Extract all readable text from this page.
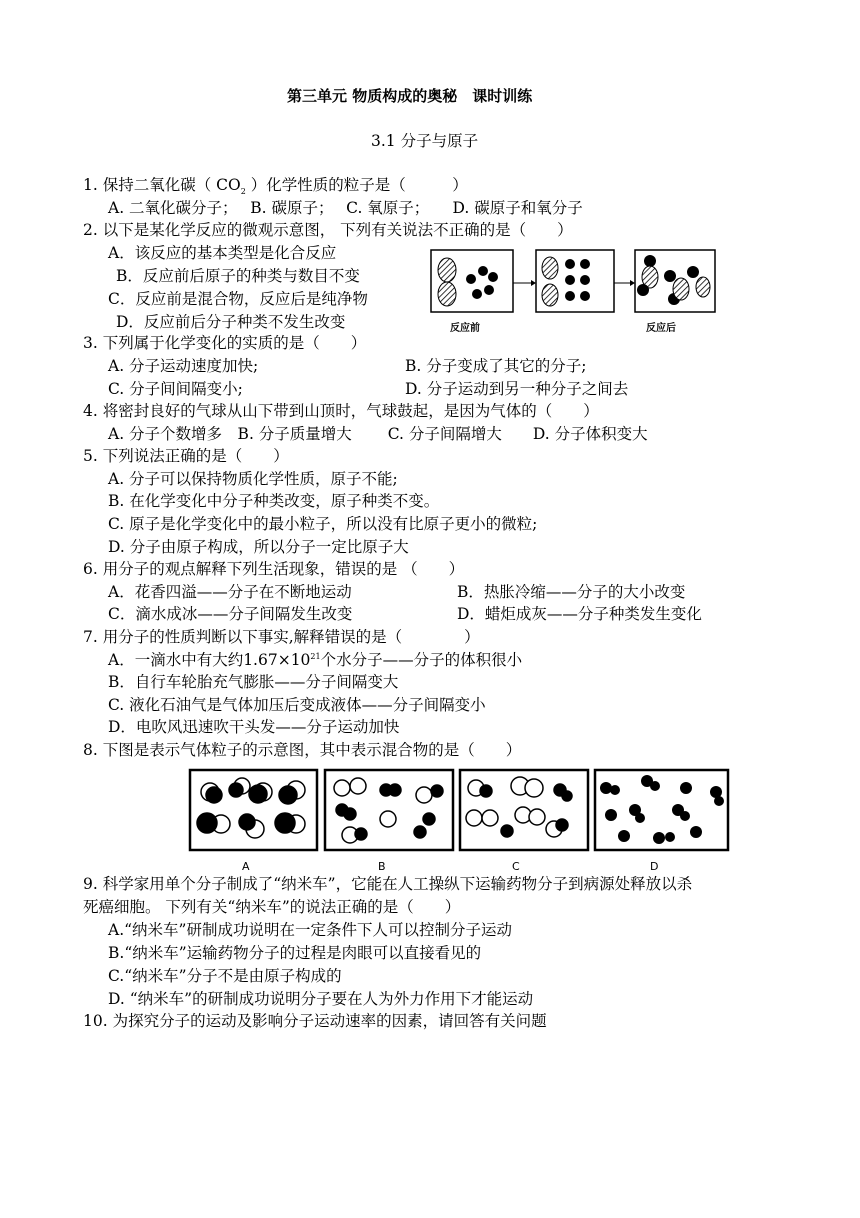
第三单元 物质构成的奥秘　课时训练
3.1 分子与原子
1. 保持二氧化碳（ $CO_2$ ）化学性质的粒子是（　　　）
A. 二氧化碳分子；　 B. 碳原子；　 C. 氧原子；　　D. 碳原子和氧分子
2. 以下是某化学反应的微观示意图， 下列有关说法不正确的是（　　）
A．该反应的基本类型是化合反应
B．反应前后原子的种类与数目不变
C．反应前是混合物，反应后是纯净物
D．反应前后分子种类不发生改变	反应前	反应后
3. 下列属于化学变化的实质的是（　　）
A. 分子运动速度加快;	B. 分子变成了其它的分子;
C. 分子间间隔变小;	D. 分子运动到另一种分子之间去
4. 将密封良好的气球从山下带到山顶时，气球鼓起，是因为气体的（　　）
A. 分子个数增多　B. 分子质量增大　　 C. 分子间隔增大　　D. 分子体积变大
5. 下列说法正确的是（　　）
A. 分子可以保持物质化学性质，原子不能;
B. 在化学变化中分子种类改变，原子种类不变。
C. 原子是化学变化中的最小粒子，所以没有比原子更小的微粒;
D. 分子由原子构成，所以分子一定比原子大
6. 用分子的观点解释下列生活现象，错误的是 （　　）
A．花香四溢——分子在不断地运动	B．热胀冷缩——分子的大小改变
C．滴水成冰——分子间隔发生改变	D．蜡炬成灰——分子种类发生变化
7. 用分子的性质判断以下事实,解释错误的是（　　　　）
A．一滴水中有大约$1.67\times 10^{21}$个水分子——分子的体积很小
B．自行车轮胎充气膨胀——分子间隔变大
C. 液化石油气是气体加压后变成液体——分子间隔变小
D．电吹风迅速吹干头发——分子运动加快
8. 下图是表示气体粒子的示意图，其中表示混合物的是（　　）
A	B	C	D
9. 科学家用单个分子制成了“纳米车”，它能在人工操纵下运输药物分子到病源处释放以杀
死癌细胞。 下列有关“纳米车”的说法正确的是（　　）
A.“纳米车”研制成功说明在一定条件下人可以控制分子运动
B.“纳米车”运输药物分子的过程是肉眼可以直接看见的
C.“纳米车”分子不是由原子构成的
D. “纳米车”的研制成功说明分子要在人为外力作用下才能运动
10. 为探究分子的运动及影响分子运动速率的因素，请回答有关问题
